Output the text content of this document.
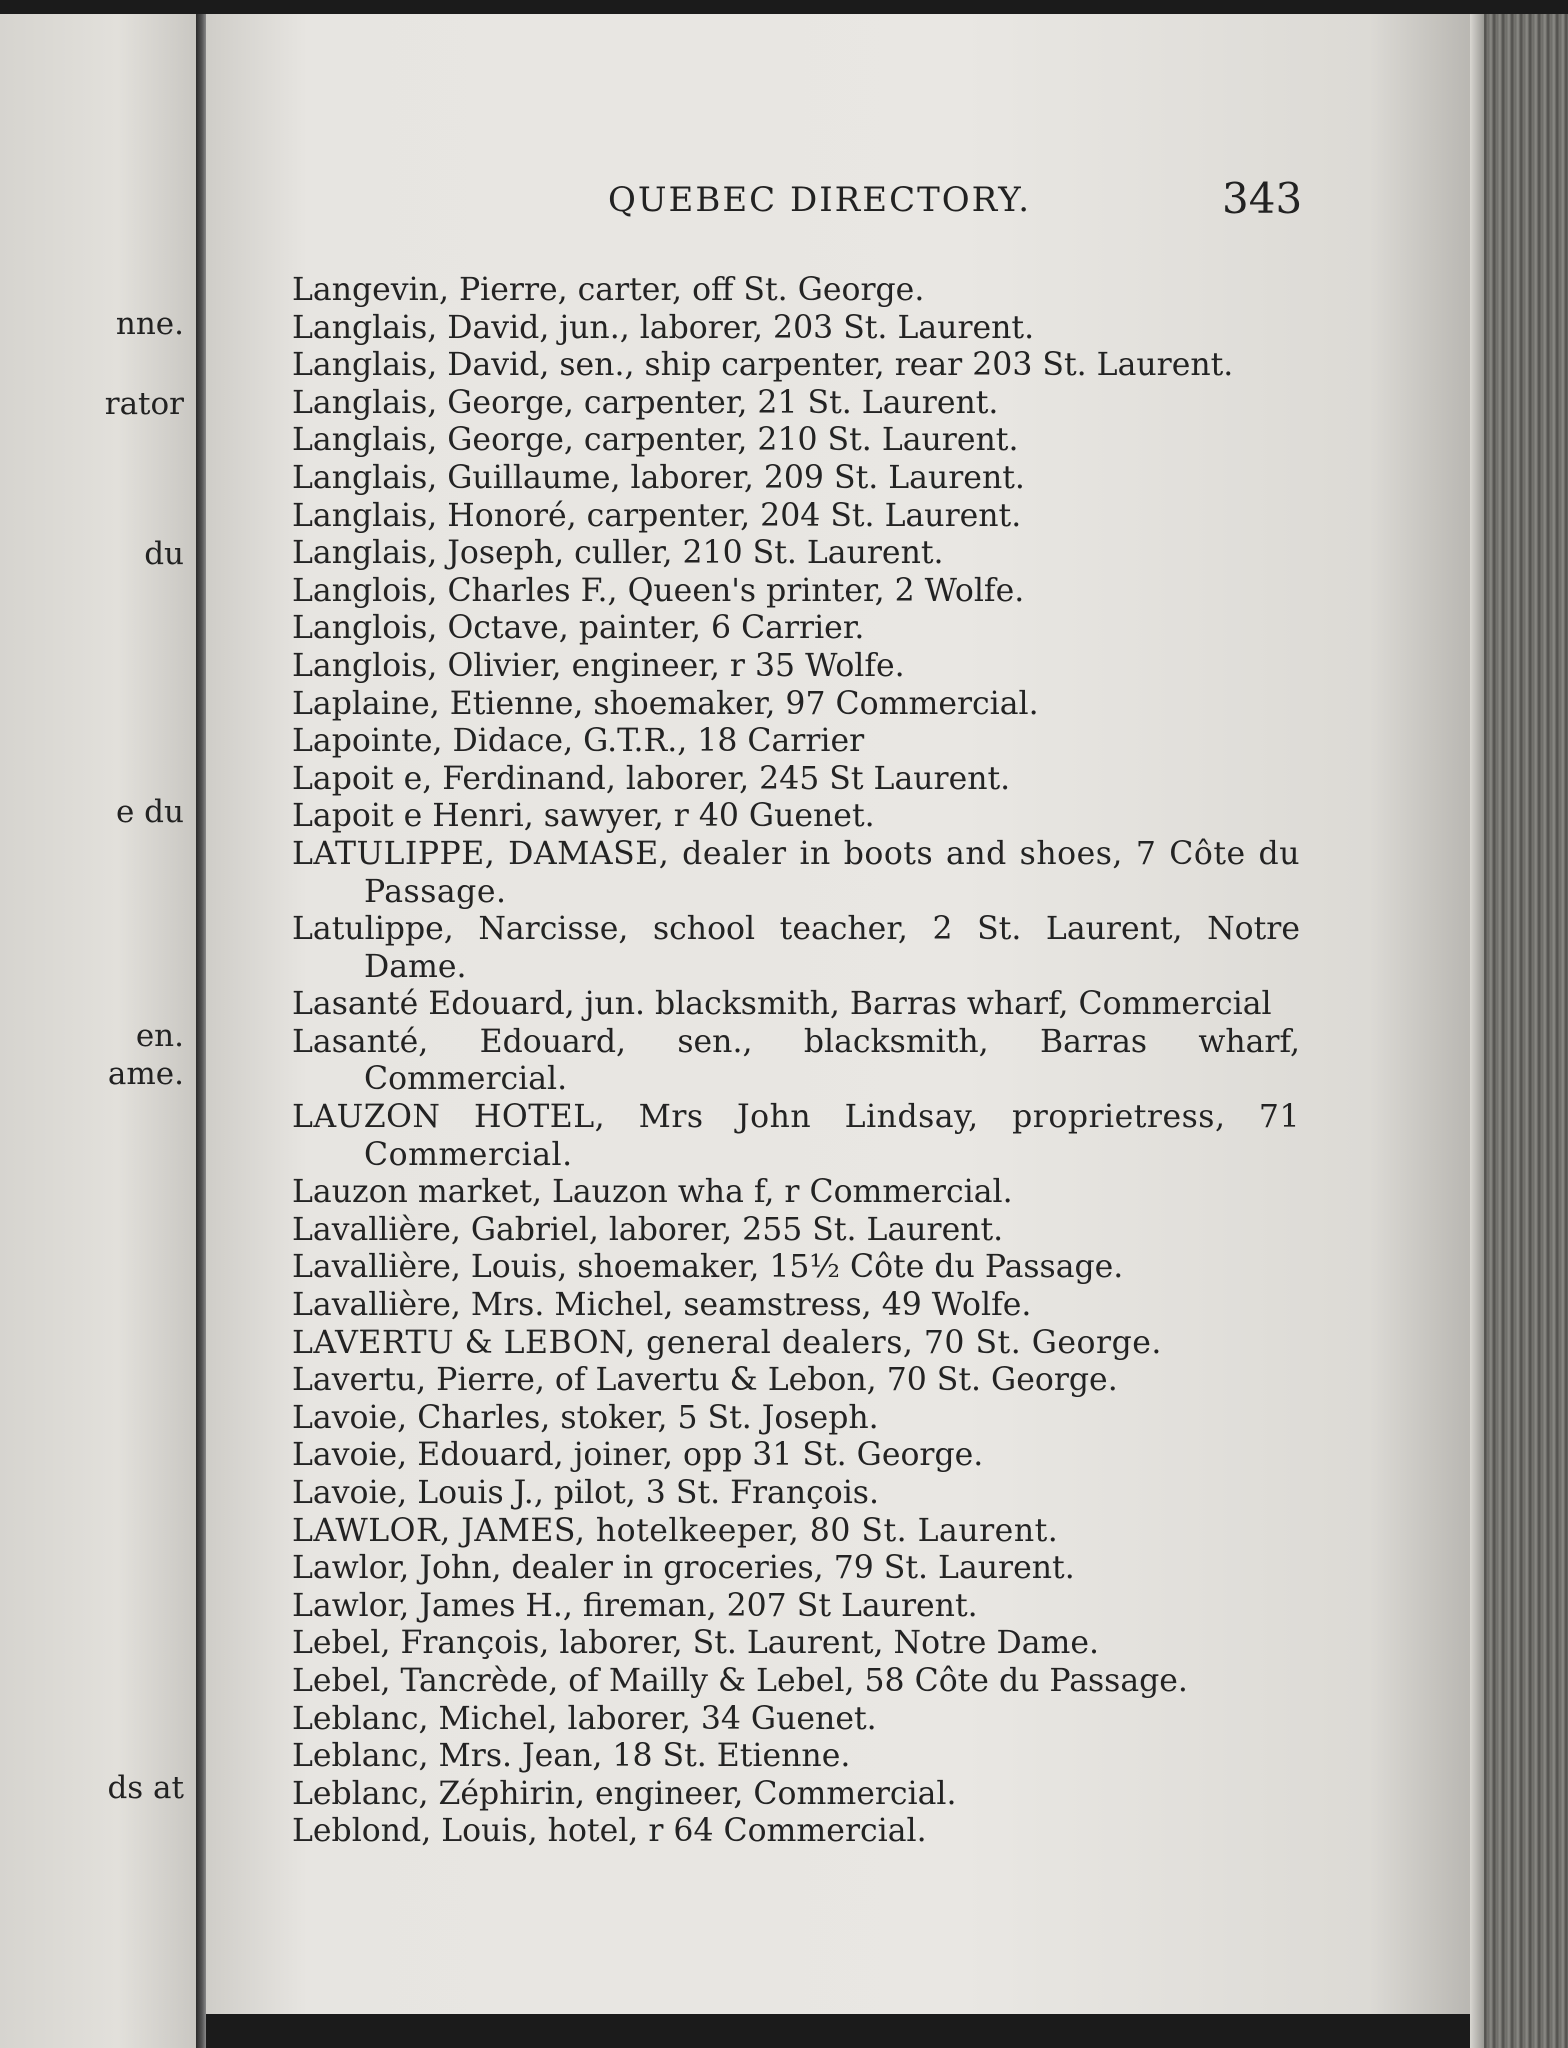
nne.
rator
du
e du
en.
ame.
ds at
QUEBEC DIRECTORY.	343
Langevin, Pierre, carter, off St. George.
Langlais, David, jun., laborer, 203 St. Laurent.
Langlais, David, sen., ship carpenter, rear 203 St. Laurent.
Langlais, George, carpenter, 21 St. Laurent.
Langlais, George, carpenter, 210 St. Laurent.
Langlais, Guillaume, laborer, 209 St. Laurent.
Langlais, Honoré, carpenter, 204 St. Laurent.
Langlais, Joseph, culler, 210 St. Laurent.
Langlois, Charles F., Queen's printer, 2 Wolfe.
Langlois, Octave, painter, 6 Carrier.
Langlois, Olivier, engineer, r 35 Wolfe.
Laplaine, Etienne, shoemaker, 97 Commercial.
Lapointe, Didace, G.T.R., 18 Carrier
Lapoit e, Ferdinand, laborer, 245 St Laurent.
Lapoit e Henri, sawyer, r 40 Guenet.
LATULIPPE, DAMASE, dealer in boots and shoes, 7 Côte du Passage.
Latulippe, Narcisse, school teacher, 2 St. Laurent, Notre Dame.
Lasanté Edouard, jun. blacksmith, Barras wharf, Commercial
Lasanté, Edouard, sen., blacksmith, Barras wharf, Commercial.
LAUZON HOTEL, Mrs John Lindsay, proprietress, 71 Commercial.
Lauzon market, Lauzon wha f, r Commercial.
Lavallière, Gabriel, laborer, 255 St. Laurent.
Lavallière, Louis, shoemaker, 15½ Côte du Passage.
Lavallière, Mrs. Michel, seamstress, 49 Wolfe.
LAVERTU & LEBON, general dealers, 70 St. George.
Lavertu, Pierre, of Lavertu & Lebon, 70 St. George.
Lavoie, Charles, stoker, 5 St. Joseph.
Lavoie, Edouard, joiner, opp 31 St. George.
Lavoie, Louis J., pilot, 3 St. François.
LAWLOR, JAMES, hotelkeeper, 80 St. Laurent.
Lawlor, John, dealer in groceries, 79 St. Laurent.
Lawlor, James H., fireman, 207 St Laurent.
Lebel, François, laborer, St. Laurent, Notre Dame.
Lebel, Tancrède, of Mailly & Lebel, 58 Côte du Passage.
Leblanc, Michel, laborer, 34 Guenet.
Leblanc, Mrs. Jean, 18 St. Etienne.
Leblanc, Zéphirin, engineer, Commercial.
Leblond, Louis, hotel, r 64 Commercial.
